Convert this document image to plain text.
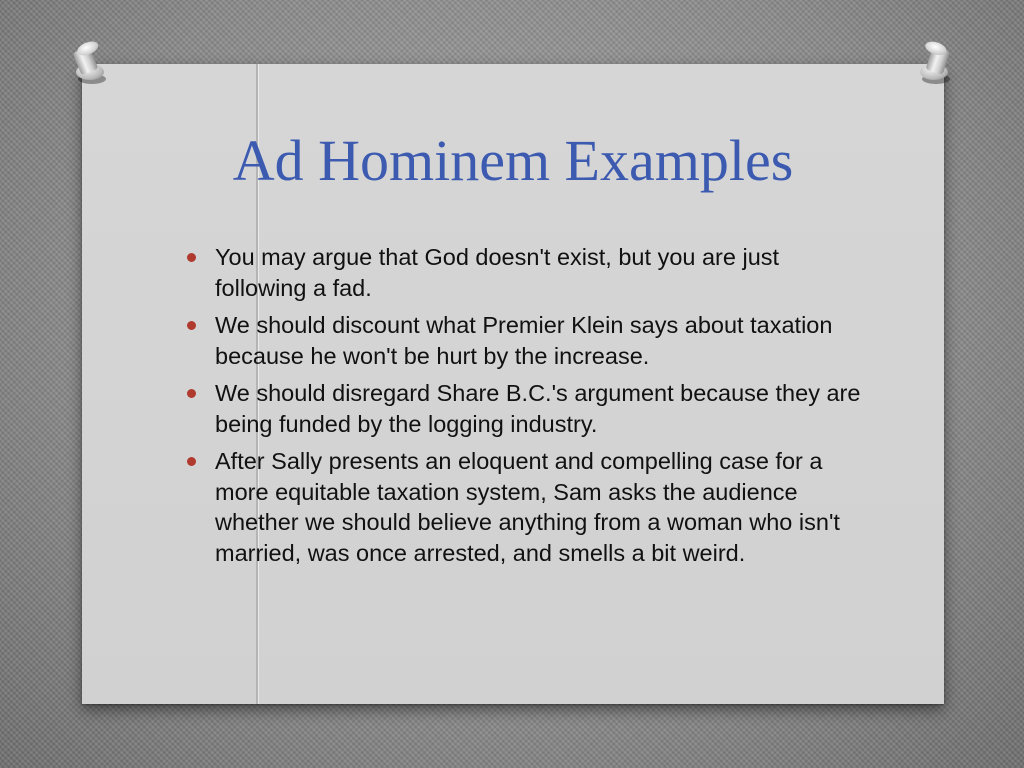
Ad Hominem Examples
You may argue that God doesn't exist, but you are just following a fad.
We should discount what Premier Klein says about taxation because he won't be hurt by the increase.
We should disregard Share B.C.'s argument because they are being funded by the logging industry.
After Sally presents an eloquent and compelling case for a more equitable taxation system, Sam asks the audience whether we should believe anything from a woman who isn't married, was once arrested, and smells a bit weird.
